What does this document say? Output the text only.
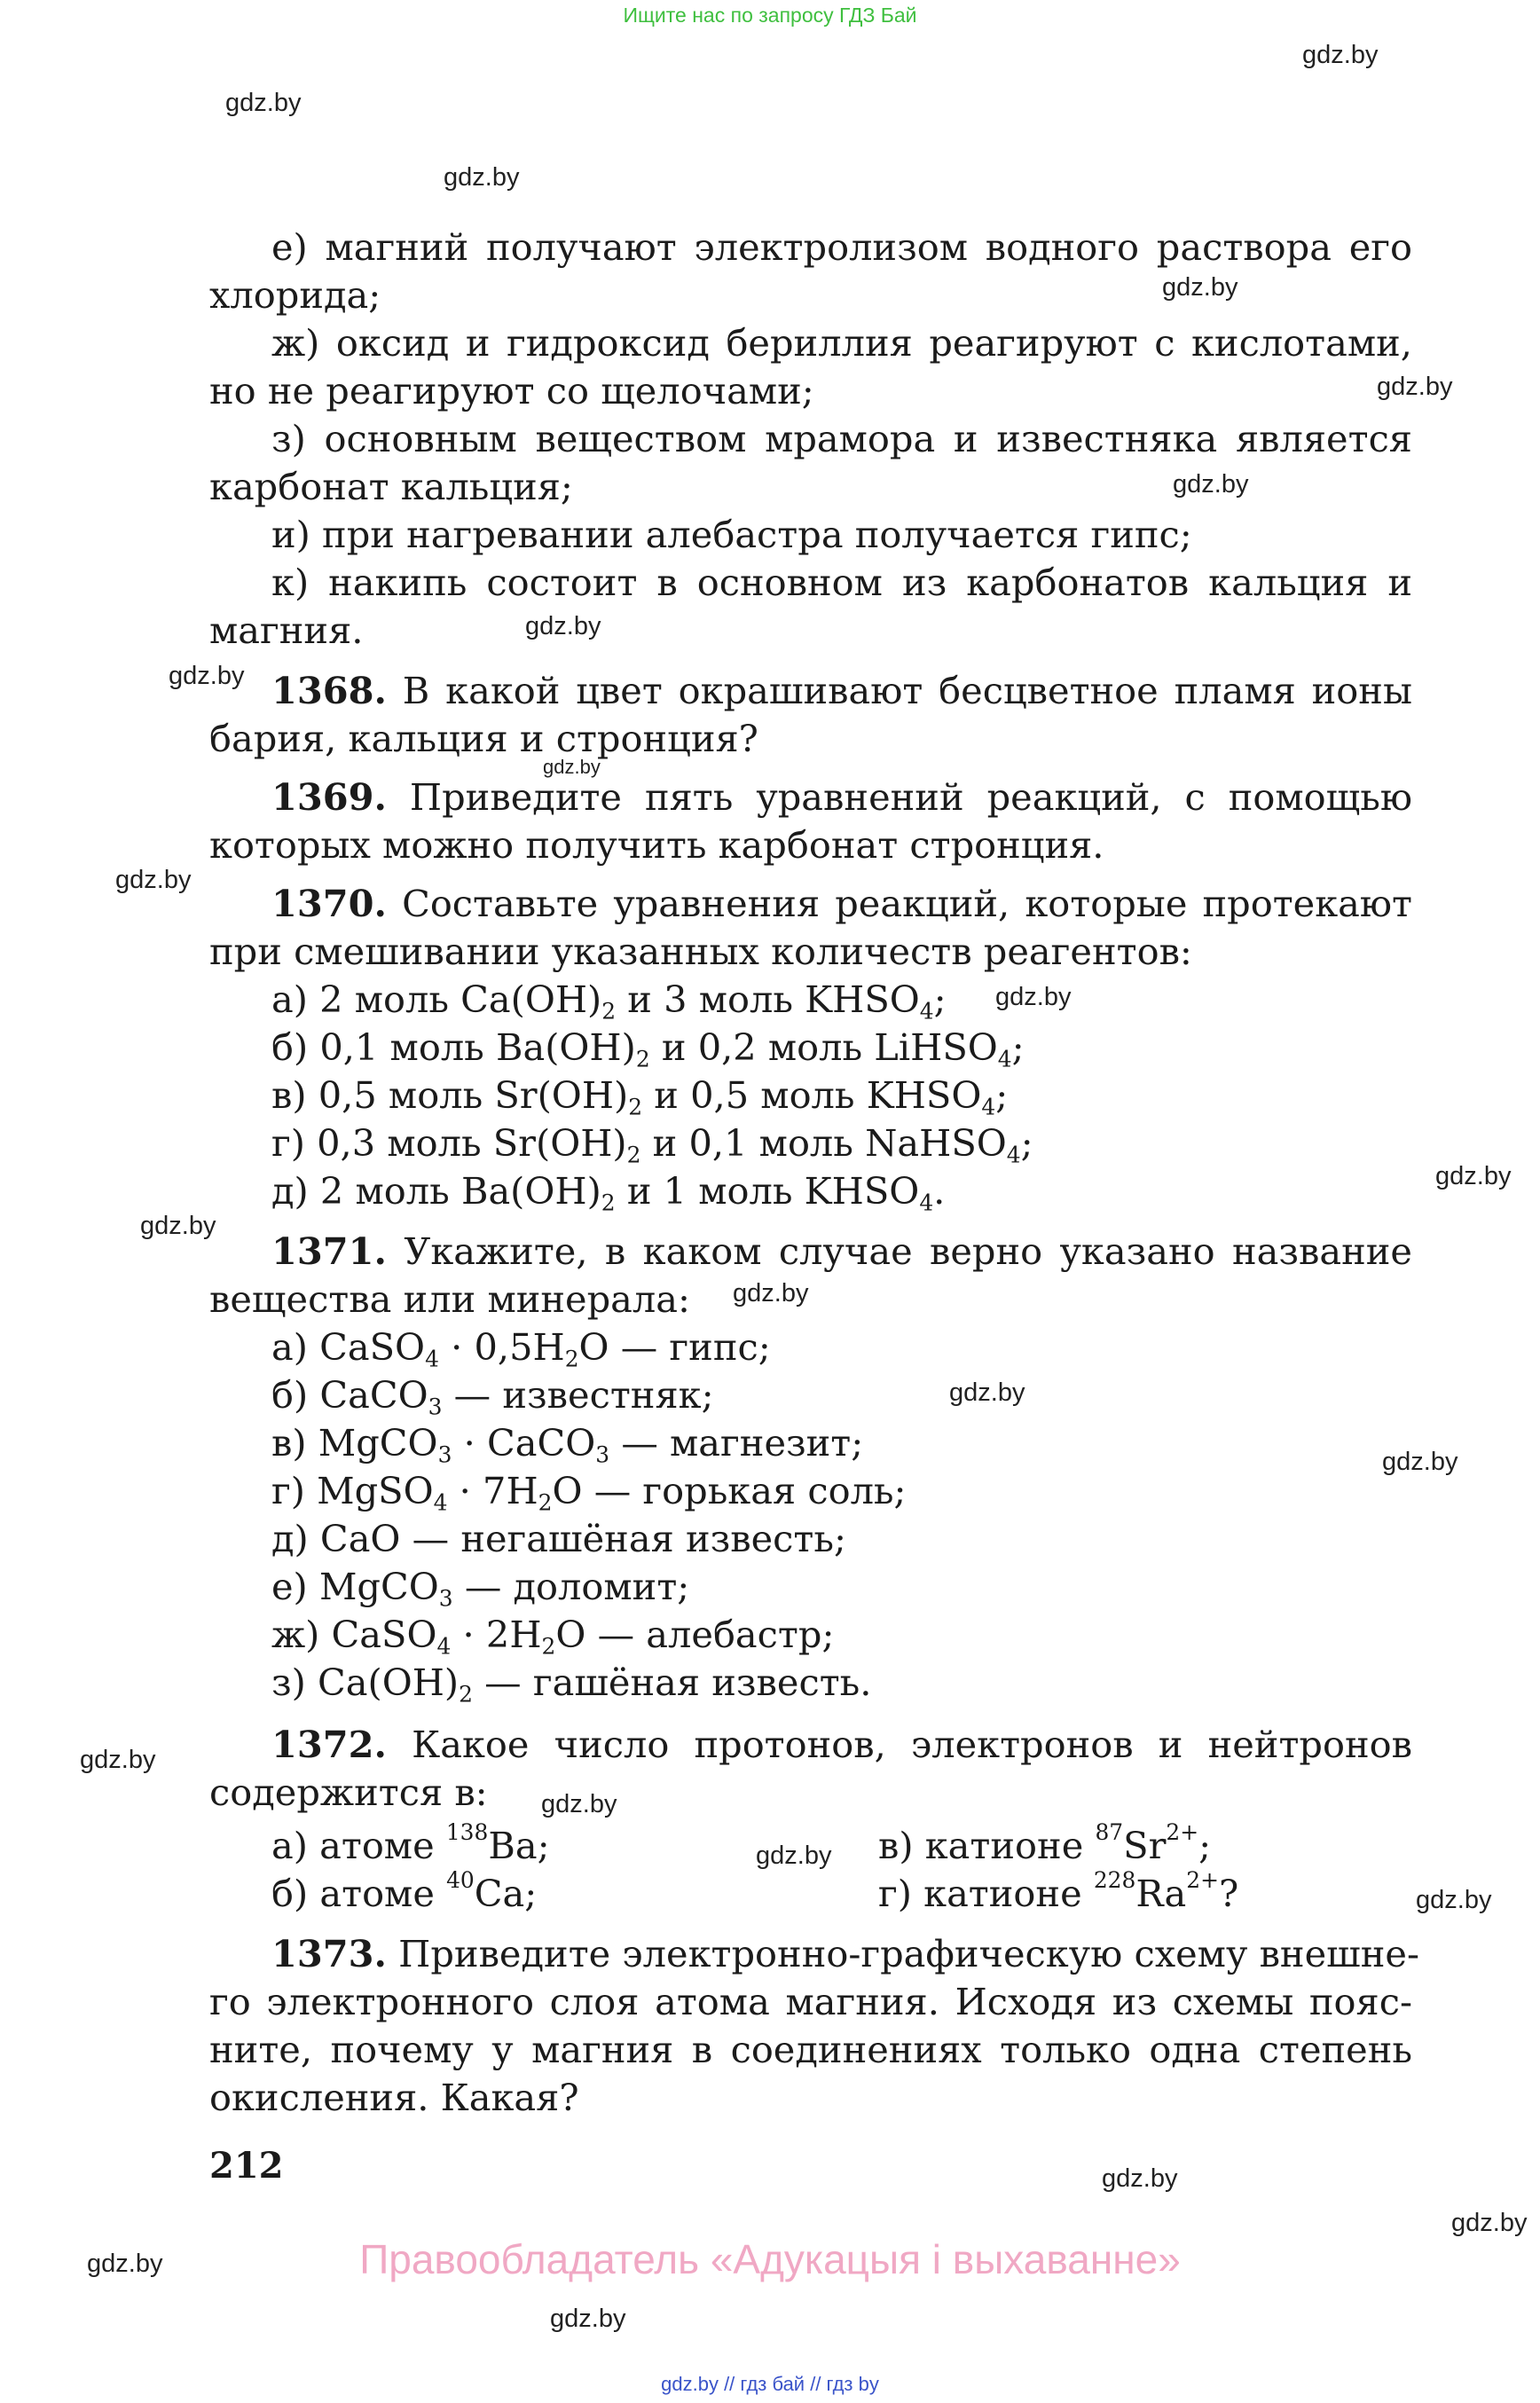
Ищите нас по запросу ГДЗ Бай
gdz.by
gdz.by
gdz.by
gdz.by
gdz.by
gdz.by
gdz.by
gdz.by
gdz.by
gdz.by
gdz.by
gdz.by
gdz.by
gdz.by
gdz.by
gdz.by
gdz.by
gdz.by
gdz.by
gdz.by
gdz.by
gdz.by
gdz.by
gdz.by
е) магний получают электролизом водного раствора его
хлорида;
ж) оксид и гидроксид бериллия реагируют с кислотами,
но не реагируют со щелочами;
з) основным веществом мрамора и известняка является
карбонат кальция;
и) при нагревании алебастра получается гипс;
к) накипь состоит в основном из карбонатов кальция и
магния.
1368. В какой цвет окрашивают бесцветное пламя ионы
бария, кальция и стронция?
1369. Приведите пять уравнений реакций, с помощью
которых можно получить карбонат стронция.
1370. Составьте уравнения реакций, которые протекают
при смешивании указанных количеств реагентов:
а) 2 моль $Ca(OH)_2$ и 3 моль $KHSO_4$;
б) 0,1 моль $Ba(OH)_2$ и 0,2 моль LiHSO$_4$;
в) 0,5 моль $Sr(OH)_2$ и 0,5 моль $KHSO_4$;
г) 0,3 моль $Sr(OH)_2$ и 0,1 моль NaHSO$_4$;
д) 2 моль $Ba(OH)_2$ и 1 моль $KHSO_4$.
1371. Укажите, в каком случае верно указано название
вещества или минерала:
а) CaSO$_4$ · $0,5H_2O$ — гипс;
б) CaCO$_3$ — известняк;
в) MgCO$_3$ · CaCO$_3$ — магнезит;
г) MgSO$_4$ · $7H_2O$ — горькая соль;
д) CaO — негашёная известь;
е) MgCO$_3$ — доломит;
ж) CaSO$_4$ · $2H_2O$ — алебастр;
з) $Ca(OH)_2$ — гашёная известь.
1372. Какое число протонов, электронов и нейтронов
содержится в:
а) атоме $^{138}$Ba;	в) катионе $^{87}Sr^{2+}$;
б) атоме $^{40}$Ca;	г) катионе $^{228}Ra^{2+}$?
1373. Приведите электронно-графическую схему внешне-
го электронного слоя атома магния. Исходя из схемы пояс-
ните, почему у магния в соединениях только одна степень
окисления. Какая?
212
Правообладатель «Адукацыя і выхаванне»
gdz.by // гдз бай // гдз by
